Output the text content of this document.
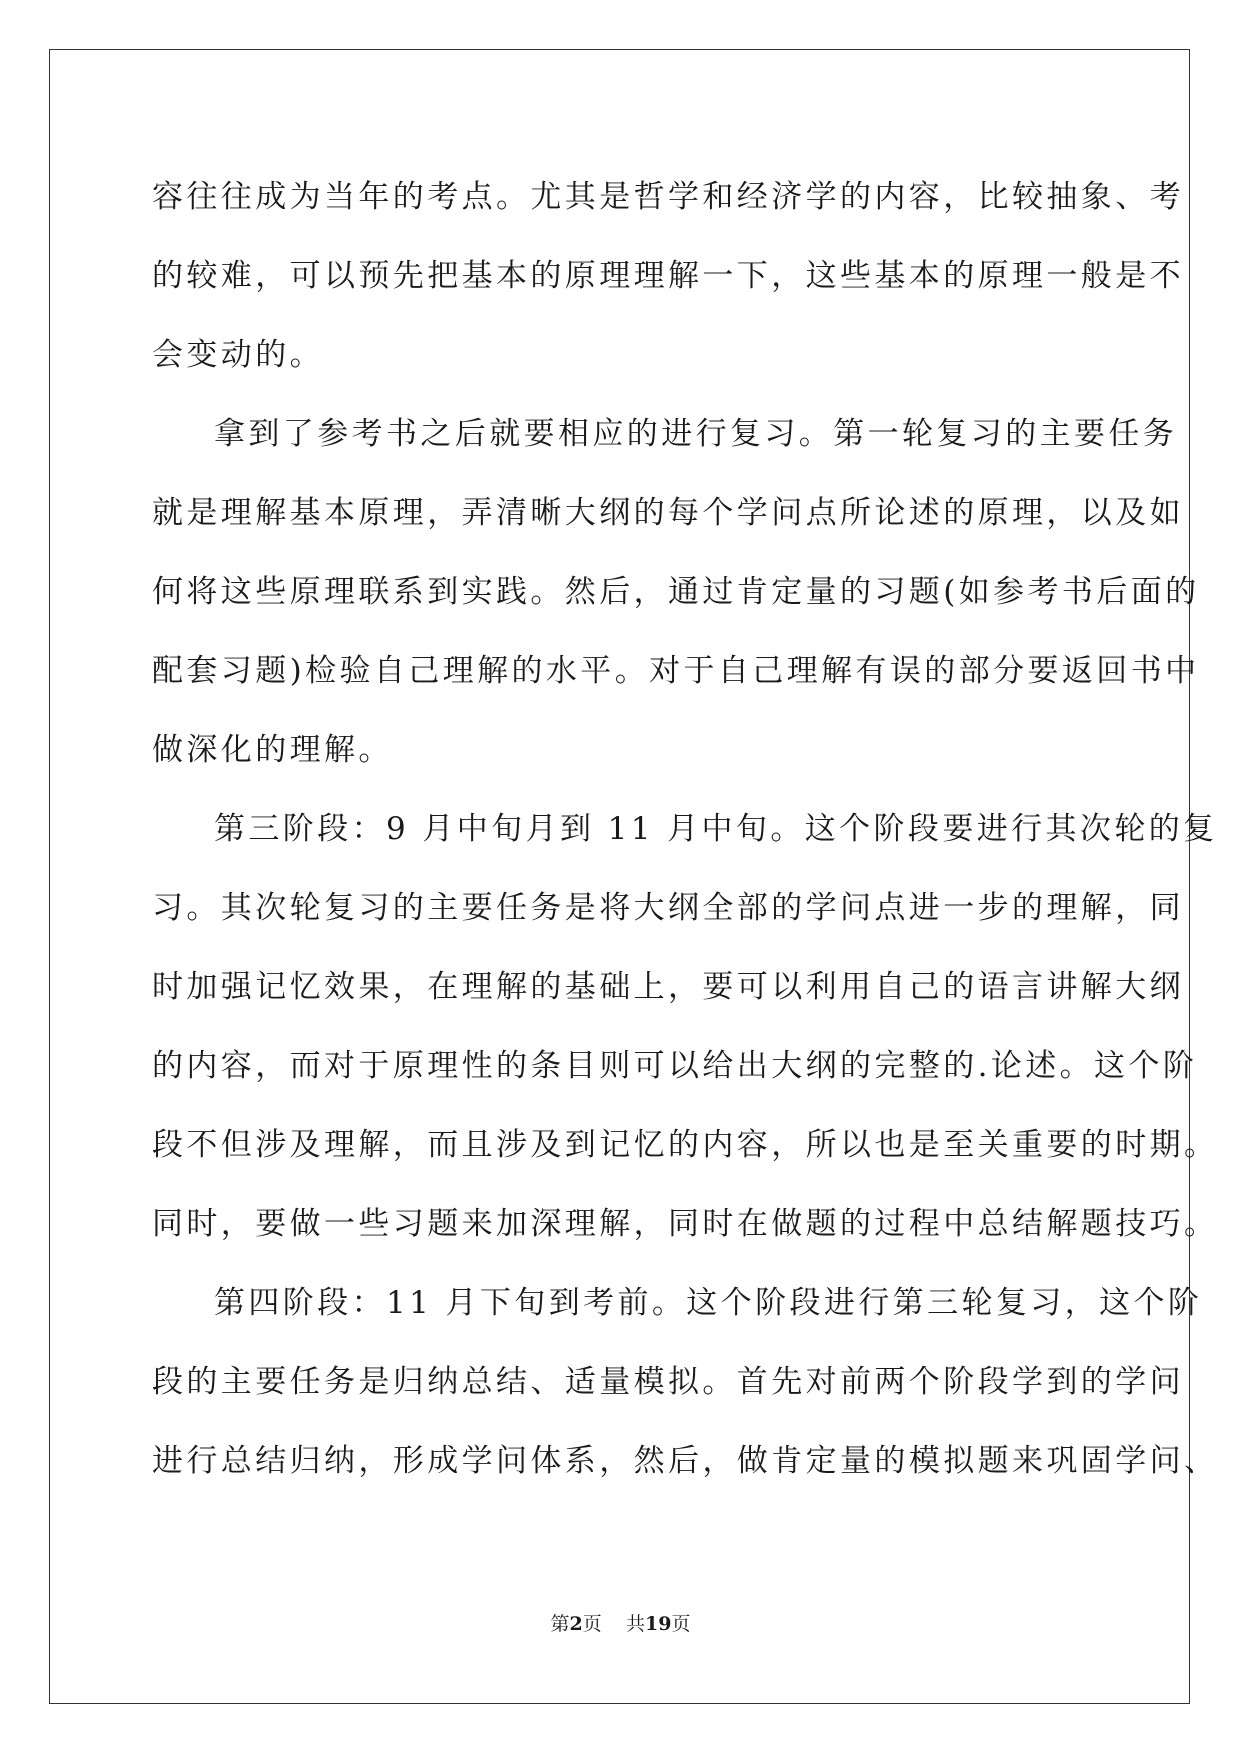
容往往成为当年的考点。尤其是哲学和经济学的内容，比较抽象、考
的较难，可以预先把基本的原理理解一下，这些基本的原理一般是不
会变动的。
拿到了参考书之后就要相应的进行复习。第一轮复习的主要任务
就是理解基本原理，弄清晰大纲的每个学问点所论述的原理，以及如
何将这些原理联系到实践。然后，通过肯定量的习题(如参考书后面的
配套习题)检验自己理解的水平。对于自己理解有误的部分要返回书中
做深化的理解。
第三阶段：9 月中旬月到 11 月中旬。这个阶段要进行其次轮的复
习。其次轮复习的主要任务是将大纲全部的学问点进一步的理解，同
时加强记忆效果，在理解的基础上，要可以利用自己的语言讲解大纲
的内容，而对于原理性的条目则可以给出大纲的完整的.论述。这个阶
段不但涉及理解，而且涉及到记忆的内容，所以也是至关重要的时期。
同时，要做一些习题来加深理解，同时在做题的过程中总结解题技巧。
第四阶段：11 月下旬到考前。这个阶段进行第三轮复习，这个阶
段的主要任务是归纳总结、适量模拟。首先对前两个阶段学到的学问
进行总结归纳，形成学问体系，然后，做肯定量的模拟题来巩固学问、
第2页 共19页
